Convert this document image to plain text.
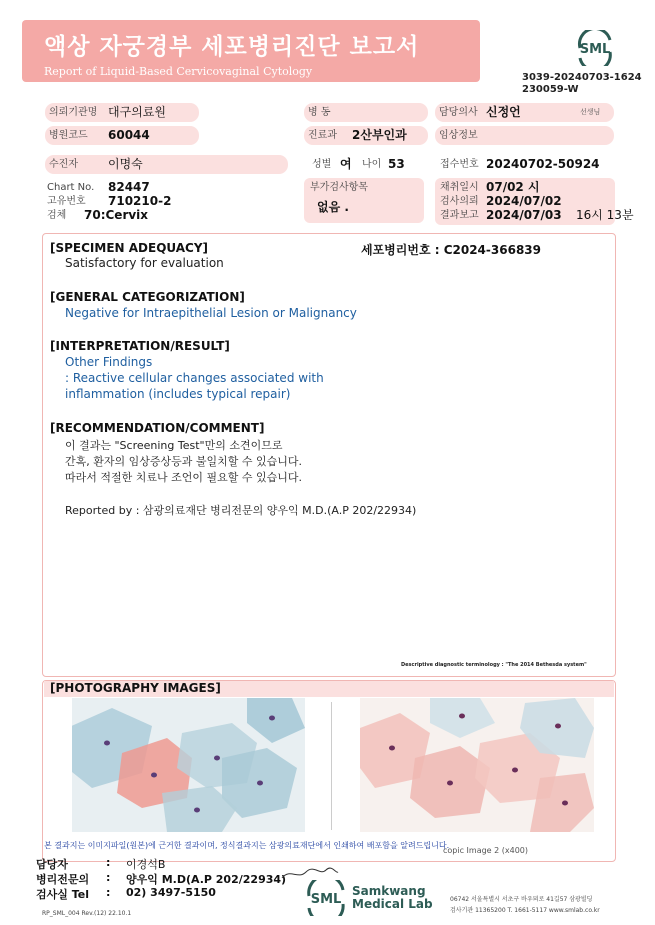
액상 자궁경부 세포병리진단 보고서
Report of Liquid-Based Cervicovaginal Cytology
SML
3039-20240703-1624
230059-W
의뢰기관명 대구의료원
병원코드	60044
수진자	이명숙
Chart No. 82447
고유번호 710210-2
검체 70:Cervix
병 동
진료과	2산부인과
성별 여 나이 53
부가검사항목
없음 .
담당의사 신정언	선생님
임상정보
접수번호 20240702-50924
채취일시 07/02 시
검사의뢰 2024/07/02
결과보고 2024/07/03 16시 13분
[SPECIMEN ADEQUACY]	세포병리번호 : C2024-366839
Satisfactory for evaluation
[GENERAL CATEGORIZATION]
Negative for Intraepithelial Lesion or Malignancy
[INTERPRETATION/RESULT]
Other Findings
: Reactive cellular changes associated with
inflammation (includes typical repair)
[RECOMMENDATION/COMMENT]
이 결과는 "Screening Test"만의 소견이므로
간혹, 환자의 임상증상등과 불일치할 수 있습니다.
따라서 적절한 치료나 조언이 필요할 수 있습니다.
Reported by : 삼광의료재단 병리전문의 양우익 M.D.(A.P 202/22934)
Descriptive diagnostic terminology : "The 2014 Bethesda system"
[PHOTOGRAPHY IMAGES]
copic Image 2 (x400)
본 결과지는 이미지파일(원본)에 근거한 결과이며, 정식결과지는 삼광의료재단에서 인쇄하여 배포함을 알려드립니다.
담당자	: 이경석B
병리전문의 : 양우익 M.D(A.P 202/22934)
검사실 Tel : 02) 3497-5150
RP_SML_004 Rev.(12) 22.10.1
SML
Samkwang
Medical Lab	06742 서울특별시 서초구 바우뫼로 41길57 삼광빌딩
검사기관 11365200 T. 1661-5117 www.smlab.co.kr
